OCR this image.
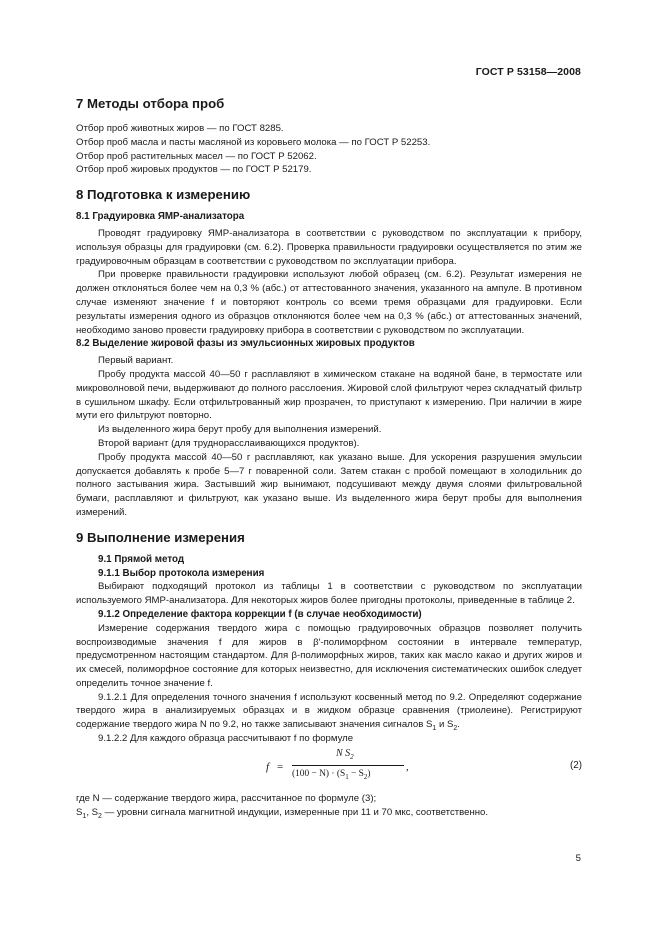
ГОСТ Р 53158—2008

7 Методы отбора проб

Отбор проб животных жиров — по ГОСТ 8285.

Отбор проб масла и пасты масляной из коровьего молока — по ГОСТ Р 52253.

Отбор проб растительных масел — по ГОСТ Р 52062.

Отбор проб жировых продуктов — по ГОСТ Р 52179.

8 Подготовка к измерению

8.1 Градуировка ЯМР-анализатора

Проводят градуировку ЯМР-анализатора в соответствии с руководством по эксплуатации к прибору, используя образцы для градуировки (см. 6.2). Проверка правильности градуировки осуществляется по этим же градуировочным образцам в соответствии с руководством по эксплуатации прибора.

При проверке правильности градуировки используют любой образец (см. 6.2). Результат измерения не должен отклоняться более чем на 0,3 % (абс.) от аттестованного значения, указанного на ампуле. В противном случае изменяют значение f и повторяют контроль со всеми тремя образцами для градуировки. Если результаты измерения одного из образцов отклоняются более чем на 0,3 % (абс.) от аттестованных значений, необходимо заново провести градуировку прибора в соответствии с руководством по эксплуатации.

8.2 Выделение жировой фазы из эмульсионных жировых продуктов

Первый вариант.

Пробу продукта массой 40—50 г расплавляют в химическом стакане на водяной бане, в термостате или микроволновой печи, выдерживают до полного расслоения. Жировой слой фильтруют через складчатый фильтр в сушильном шкафу. Если отфильтрованный жир прозрачен, то приступают к измерению. При наличии в жире мути его фильтруют повторно.

Из выделенного жира берут пробу для выполнения измерений.

Второй вариант (для труднорасслаивающихся продуктов).

Пробу продукта массой 40—50 г расплавляют, как указано выше. Для ускорения разрушения эмульсии допускается добавлять к пробе 5—7 г поваренной соли. Затем стакан с пробой помещают в холодильник до полного застывания жира. Застывший жир вынимают, подсушивают между двумя слоями фильтровальной бумаги, расплавляют и фильтруют, как указано выше. Из выделенного жира берут пробы для выполнения измерений.

9 Выполнение измерения

9.1 Прямой метод

9.1.1 Выбор протокола измерения

Выбирают подходящий протокол из таблицы 1 в соответствии с руководством по эксплуатации используемого ЯМР-анализатора. Для некоторых жиров более пригодны протоколы, приведенные в таблице 2.

9.1.2 Определение фактора коррекции f (в случае необходимости)

Измерение содержания твердого жира с помощью градуировочных образцов позволяет получить воспроизводимые значения f для жиров в β′-полиморфном состоянии в интервале температур, предусмотренном настоящим стандартом. Для β-полиморфных жиров, таких как масло какао и других жиров и их смесей, полиморфное состояние для которых неизвестно, для исключения систематических ошибок следует определить точное значение f.

9.1.2.1 Для определения точного значения f используют косвенный метод по 9.2. Определяют содержание твердого жира в анализируемых образцах и в жидком образце сравнения (триолеине). Регистрируют содержание твердого жира N по 9.2, но также записывают значения сигналов $S_1$ и $S_2$.

9.1.2.2 Для каждого образца рассчитывают f по формуле

f =
N $S_2$
$(100 - N) \cdot (S_1 - S_2)$
,	(2)

где N — содержание твердого жира, рассчитанное по формуле (3);

$S_1$, $S_2$ — уровни сигнала магнитной индукции, измеренные при 11 и 70 мкс, соответственно.

5
